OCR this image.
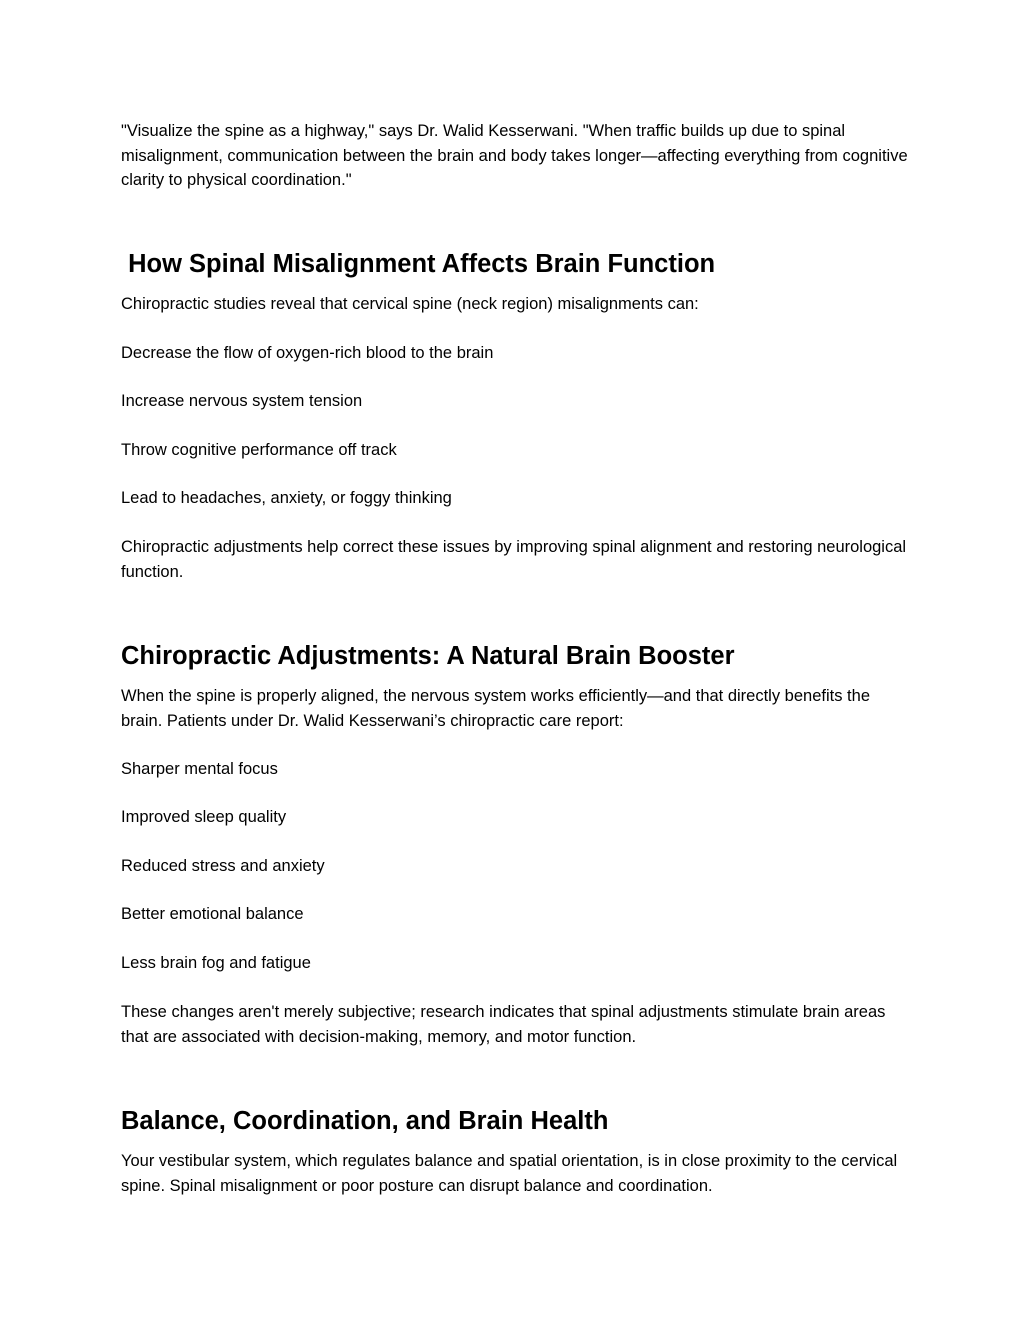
"Visualize the spine as a highway," says Dr. Walid Kesserwani. "When traffic builds up due to spinal misalignment, communication between the brain and body takes longer—affecting everything from cognitive clarity to physical coordination."

How Spinal Misalignment Affects Brain Function

Chiropractic studies reveal that cervical spine (neck region) misalignments can:

Decrease the flow of oxygen-rich blood to the brain

Increase nervous system tension

Throw cognitive performance off track

Lead to headaches, anxiety, or foggy thinking

Chiropractic adjustments help correct these issues by improving spinal alignment and restoring neurological function.

Chiropractic Adjustments: A Natural Brain Booster

When the spine is properly aligned, the nervous system works efficiently—and that directly benefits the brain. Patients under Dr. Walid Kesserwani’s chiropractic care report:

Sharper mental focus

Improved sleep quality

Reduced stress and anxiety

Better emotional balance

Less brain fog and fatigue

These changes aren't merely subjective; research indicates that spinal adjustments stimulate brain areas that are associated with decision-making, memory, and motor function.

Balance, Coordination, and Brain Health

Your vestibular system, which regulates balance and spatial orientation, is in close proximity to the cervical spine. Spinal misalignment or poor posture can disrupt balance and coordination.
